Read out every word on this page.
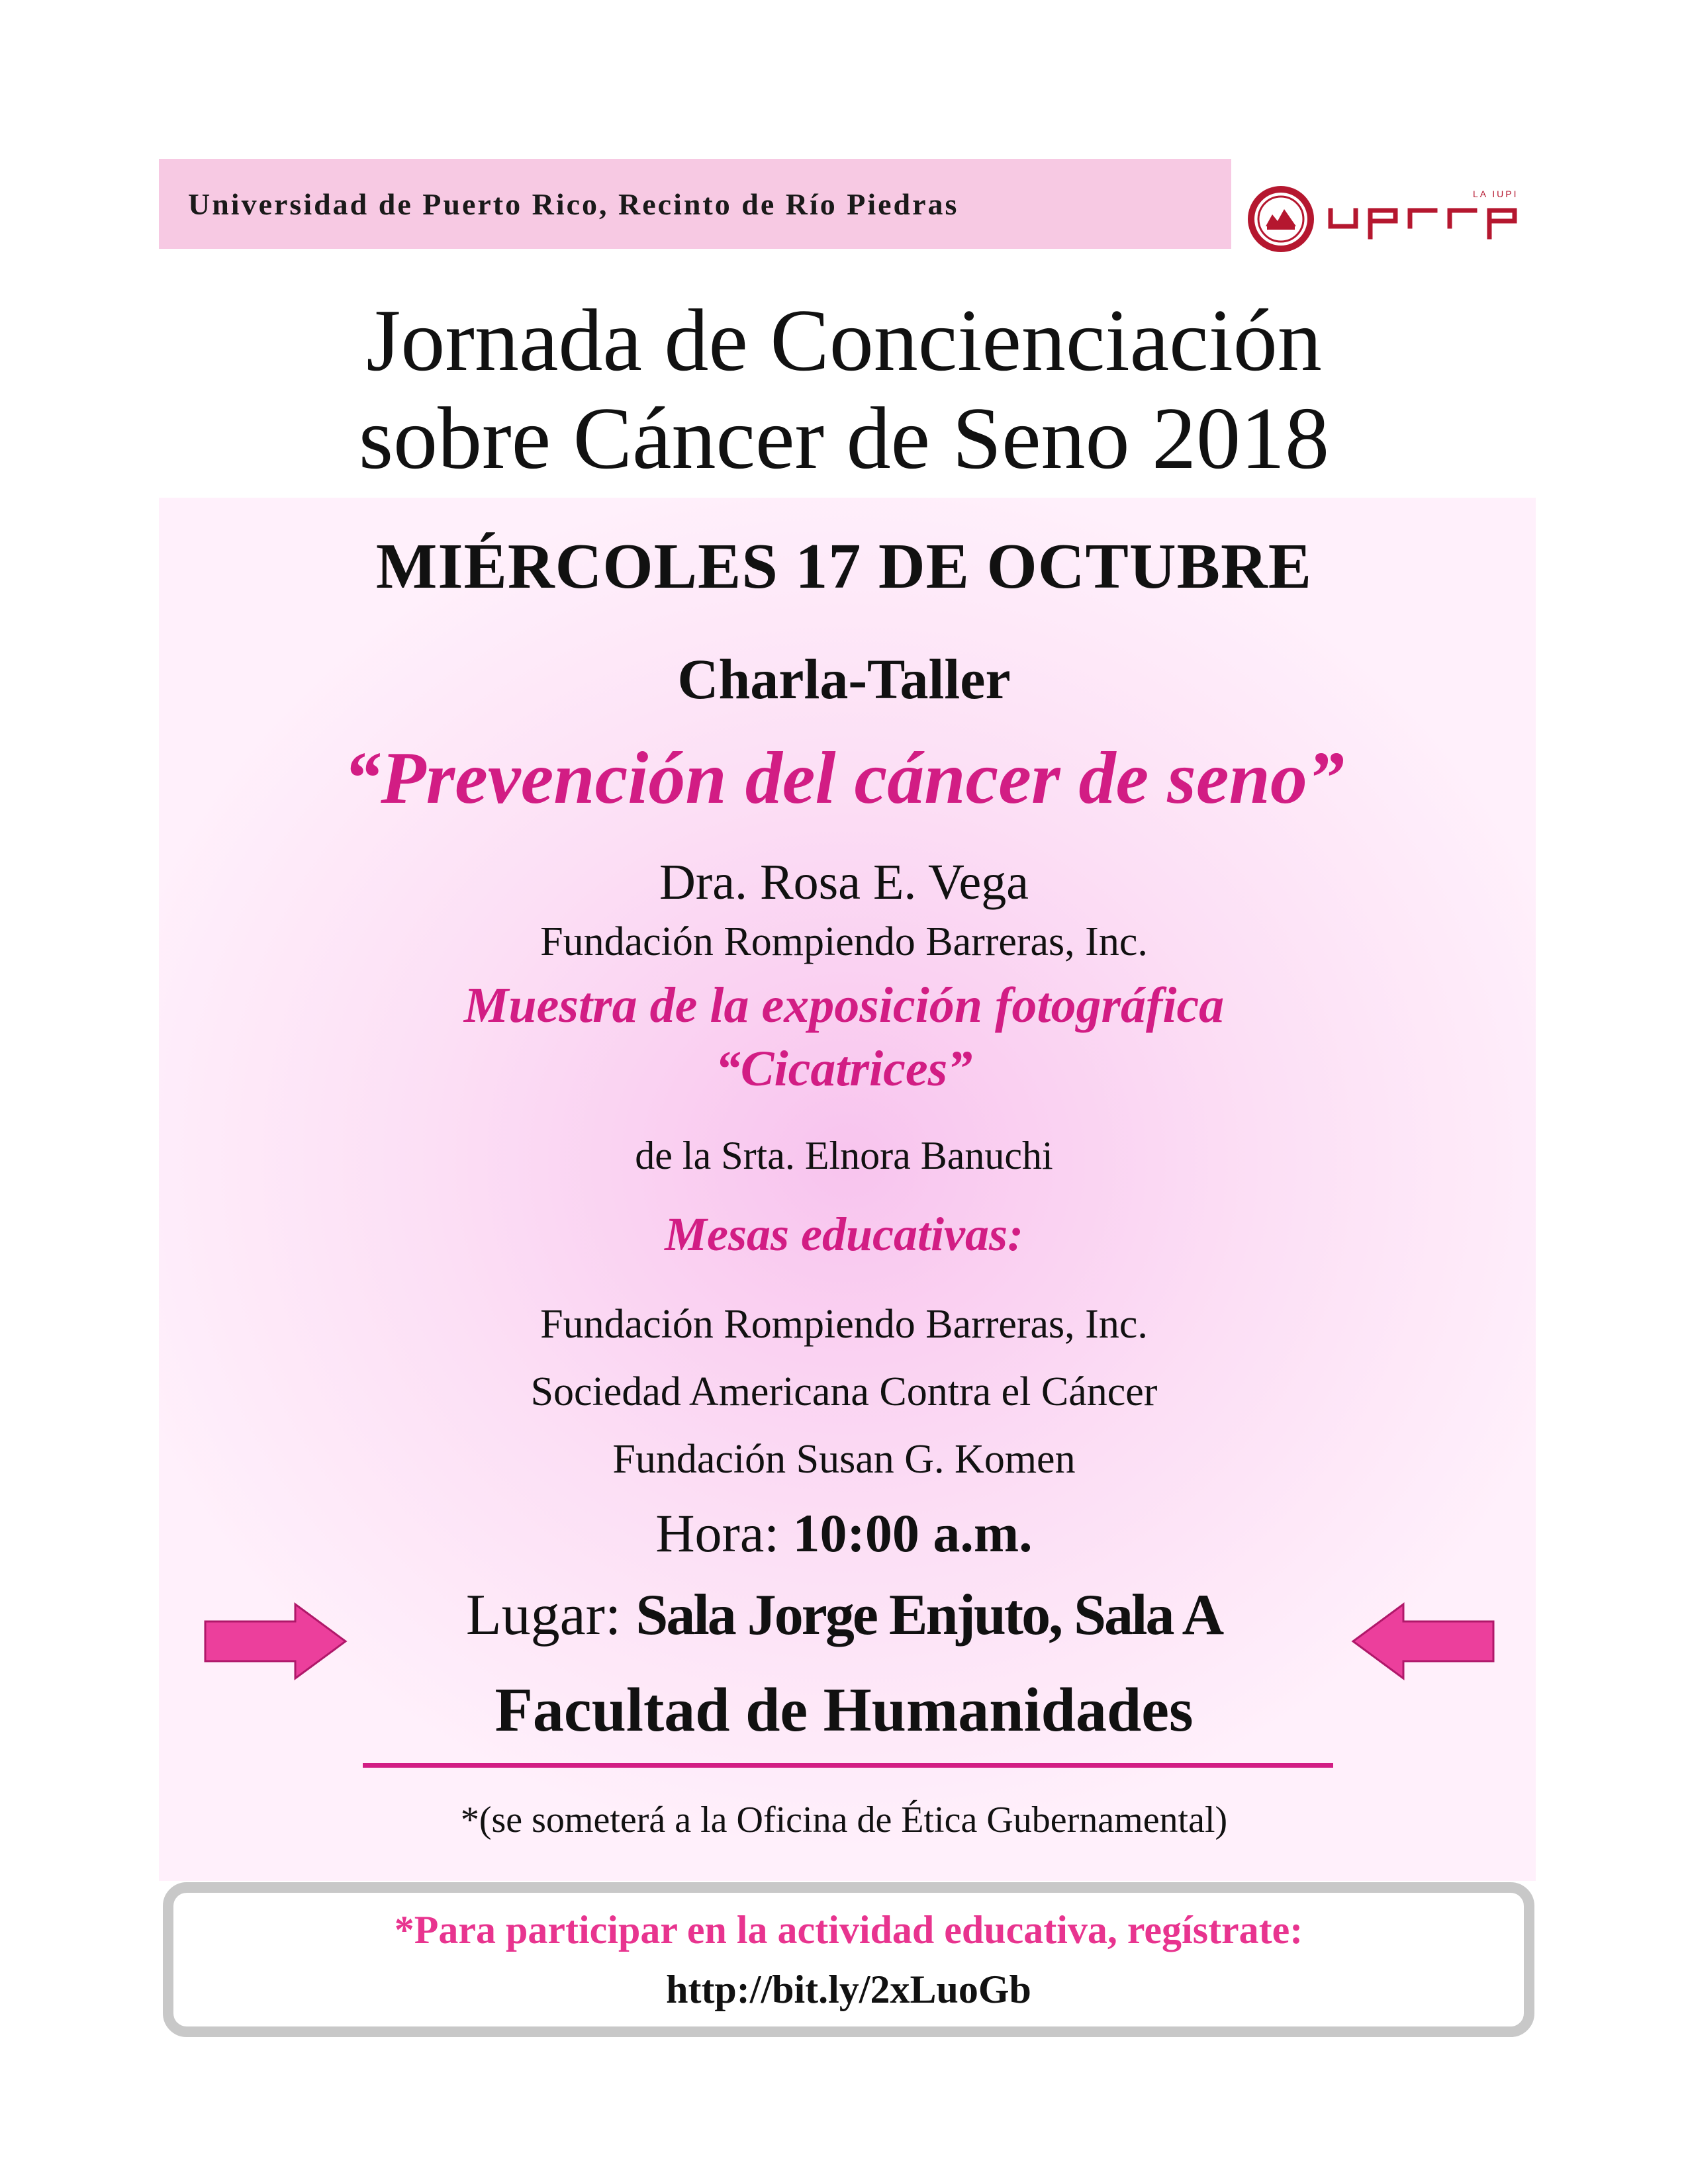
Universidad de Puerto Rico, Recinto de Río Piedras	LA IUPI
Jornada de Concienciación
sobre Cáncer de Seno 2018
MIÉRCOLES 17 DE OCTUBRE
Charla-Taller
“Prevención del cáncer de seno”
Dra. Rosa E. Vega
Fundación Rompiendo Barreras, Inc.
Muestra de la exposición fotográfica
“Cicatrices”
de la Srta. Elnora Banuchi
Mesas educativas:
Fundación Rompiendo Barreras, Inc.
Sociedad Americana Contra el Cáncer
Fundación Susan G. Komen
Hora: 10:00 a.m.
Lugar: Sala Jorge Enjuto, Sala A
Facultad de Humanidades
*(se someterá a la Oficina de Ética Gubernamental)
*Para participar en la actividad educativa, regístrate:
http://bit.ly/2xLuoGb
